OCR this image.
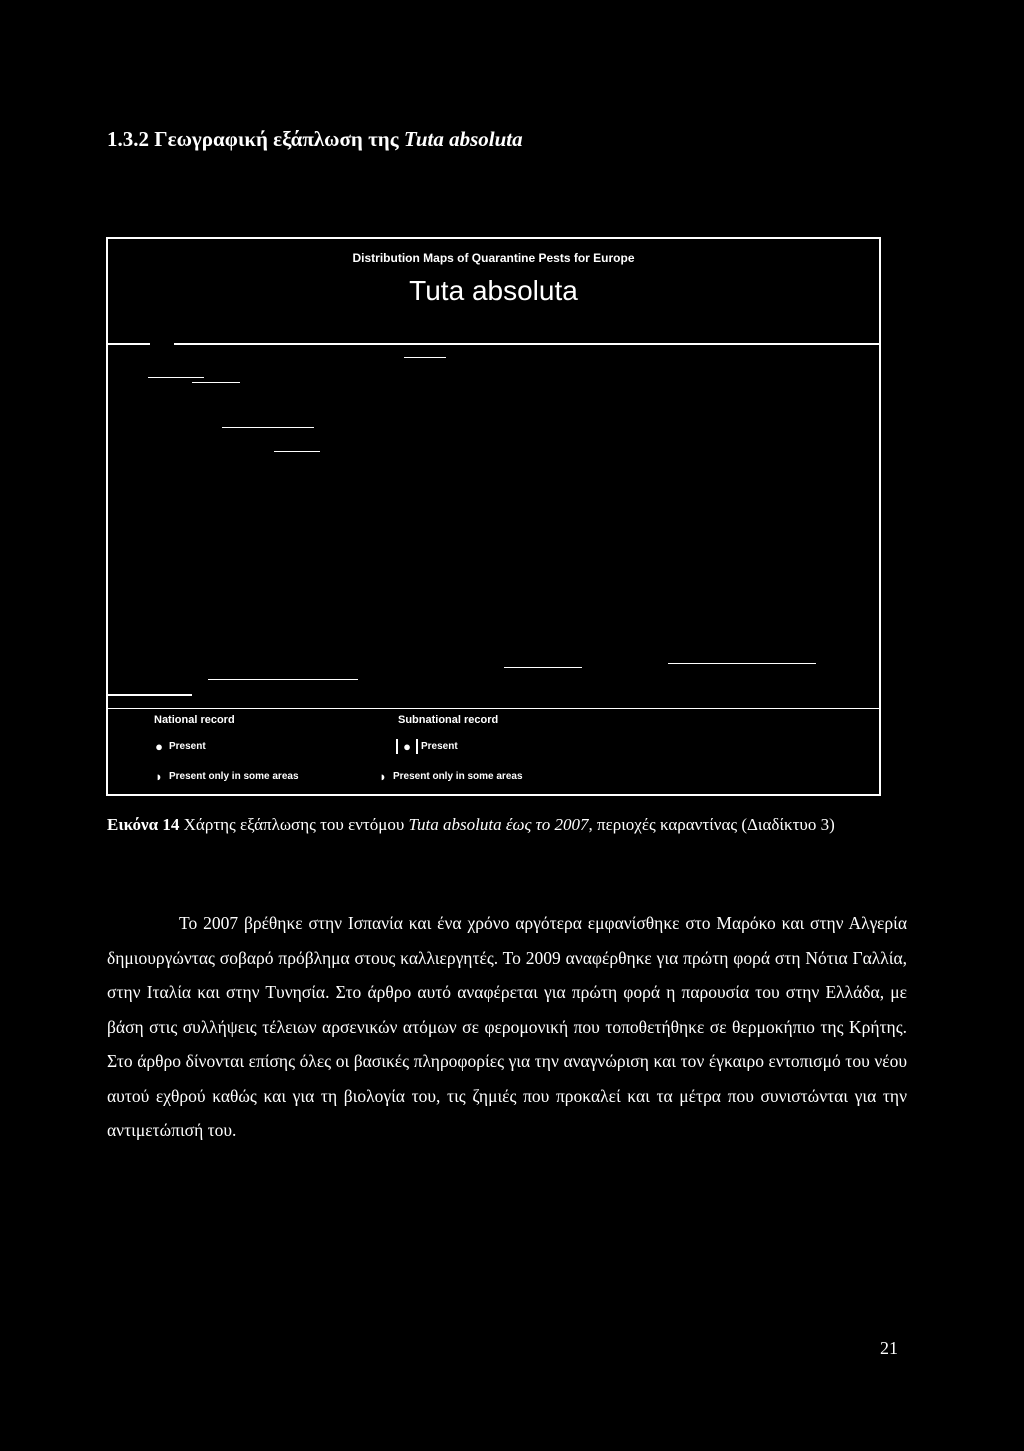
1.3.2 Γεωγραφική εξάπλωση της Tuta absoluta
Distribution Maps of Quarantine Pests for Europe
Tuta absoluta
National record	Subnational record
● Present
◗ Present only in some areas
●	Present
◗ Present only in some areas
Εικόνα 14 Χάρτης εξάπλωσης του εντόμου Tuta absoluta έως το 2007, περιοχές καραντίνας (Διαδίκτυο 3)
Το 2007 βρέθηκε στην Ισπανία και ένα χρόνο αργότερα εμφανίσθηκε στο Μαρόκο και στην Αλγερία δημιουργώντας σοβαρό πρόβλημα στους καλλιεργητές. Το 2009 αναφέρθηκε για πρώτη φορά στη Νότια Γαλλία, στην Ιταλία και στην Τυνησία. Στο άρθρο αυτό αναφέρεται για πρώτη φορά η παρουσία του στην Ελλάδα, με βάση στις συλλήψεις τέλειων αρσενικών ατόμων σε φερομονική που τοποθετήθηκε σε θερμοκήπιο της Κρήτης. Στο άρθρο δίνονται επίσης όλες οι βασικές πληροφορίες για την αναγνώριση και τον έγκαιρο εντοπισμό του νέου αυτού εχθρού καθώς και για τη βιολογία του, τις ζημιές που προκαλεί και τα μέτρα που συνιστώνται για την αντιμετώπισή του.
21
